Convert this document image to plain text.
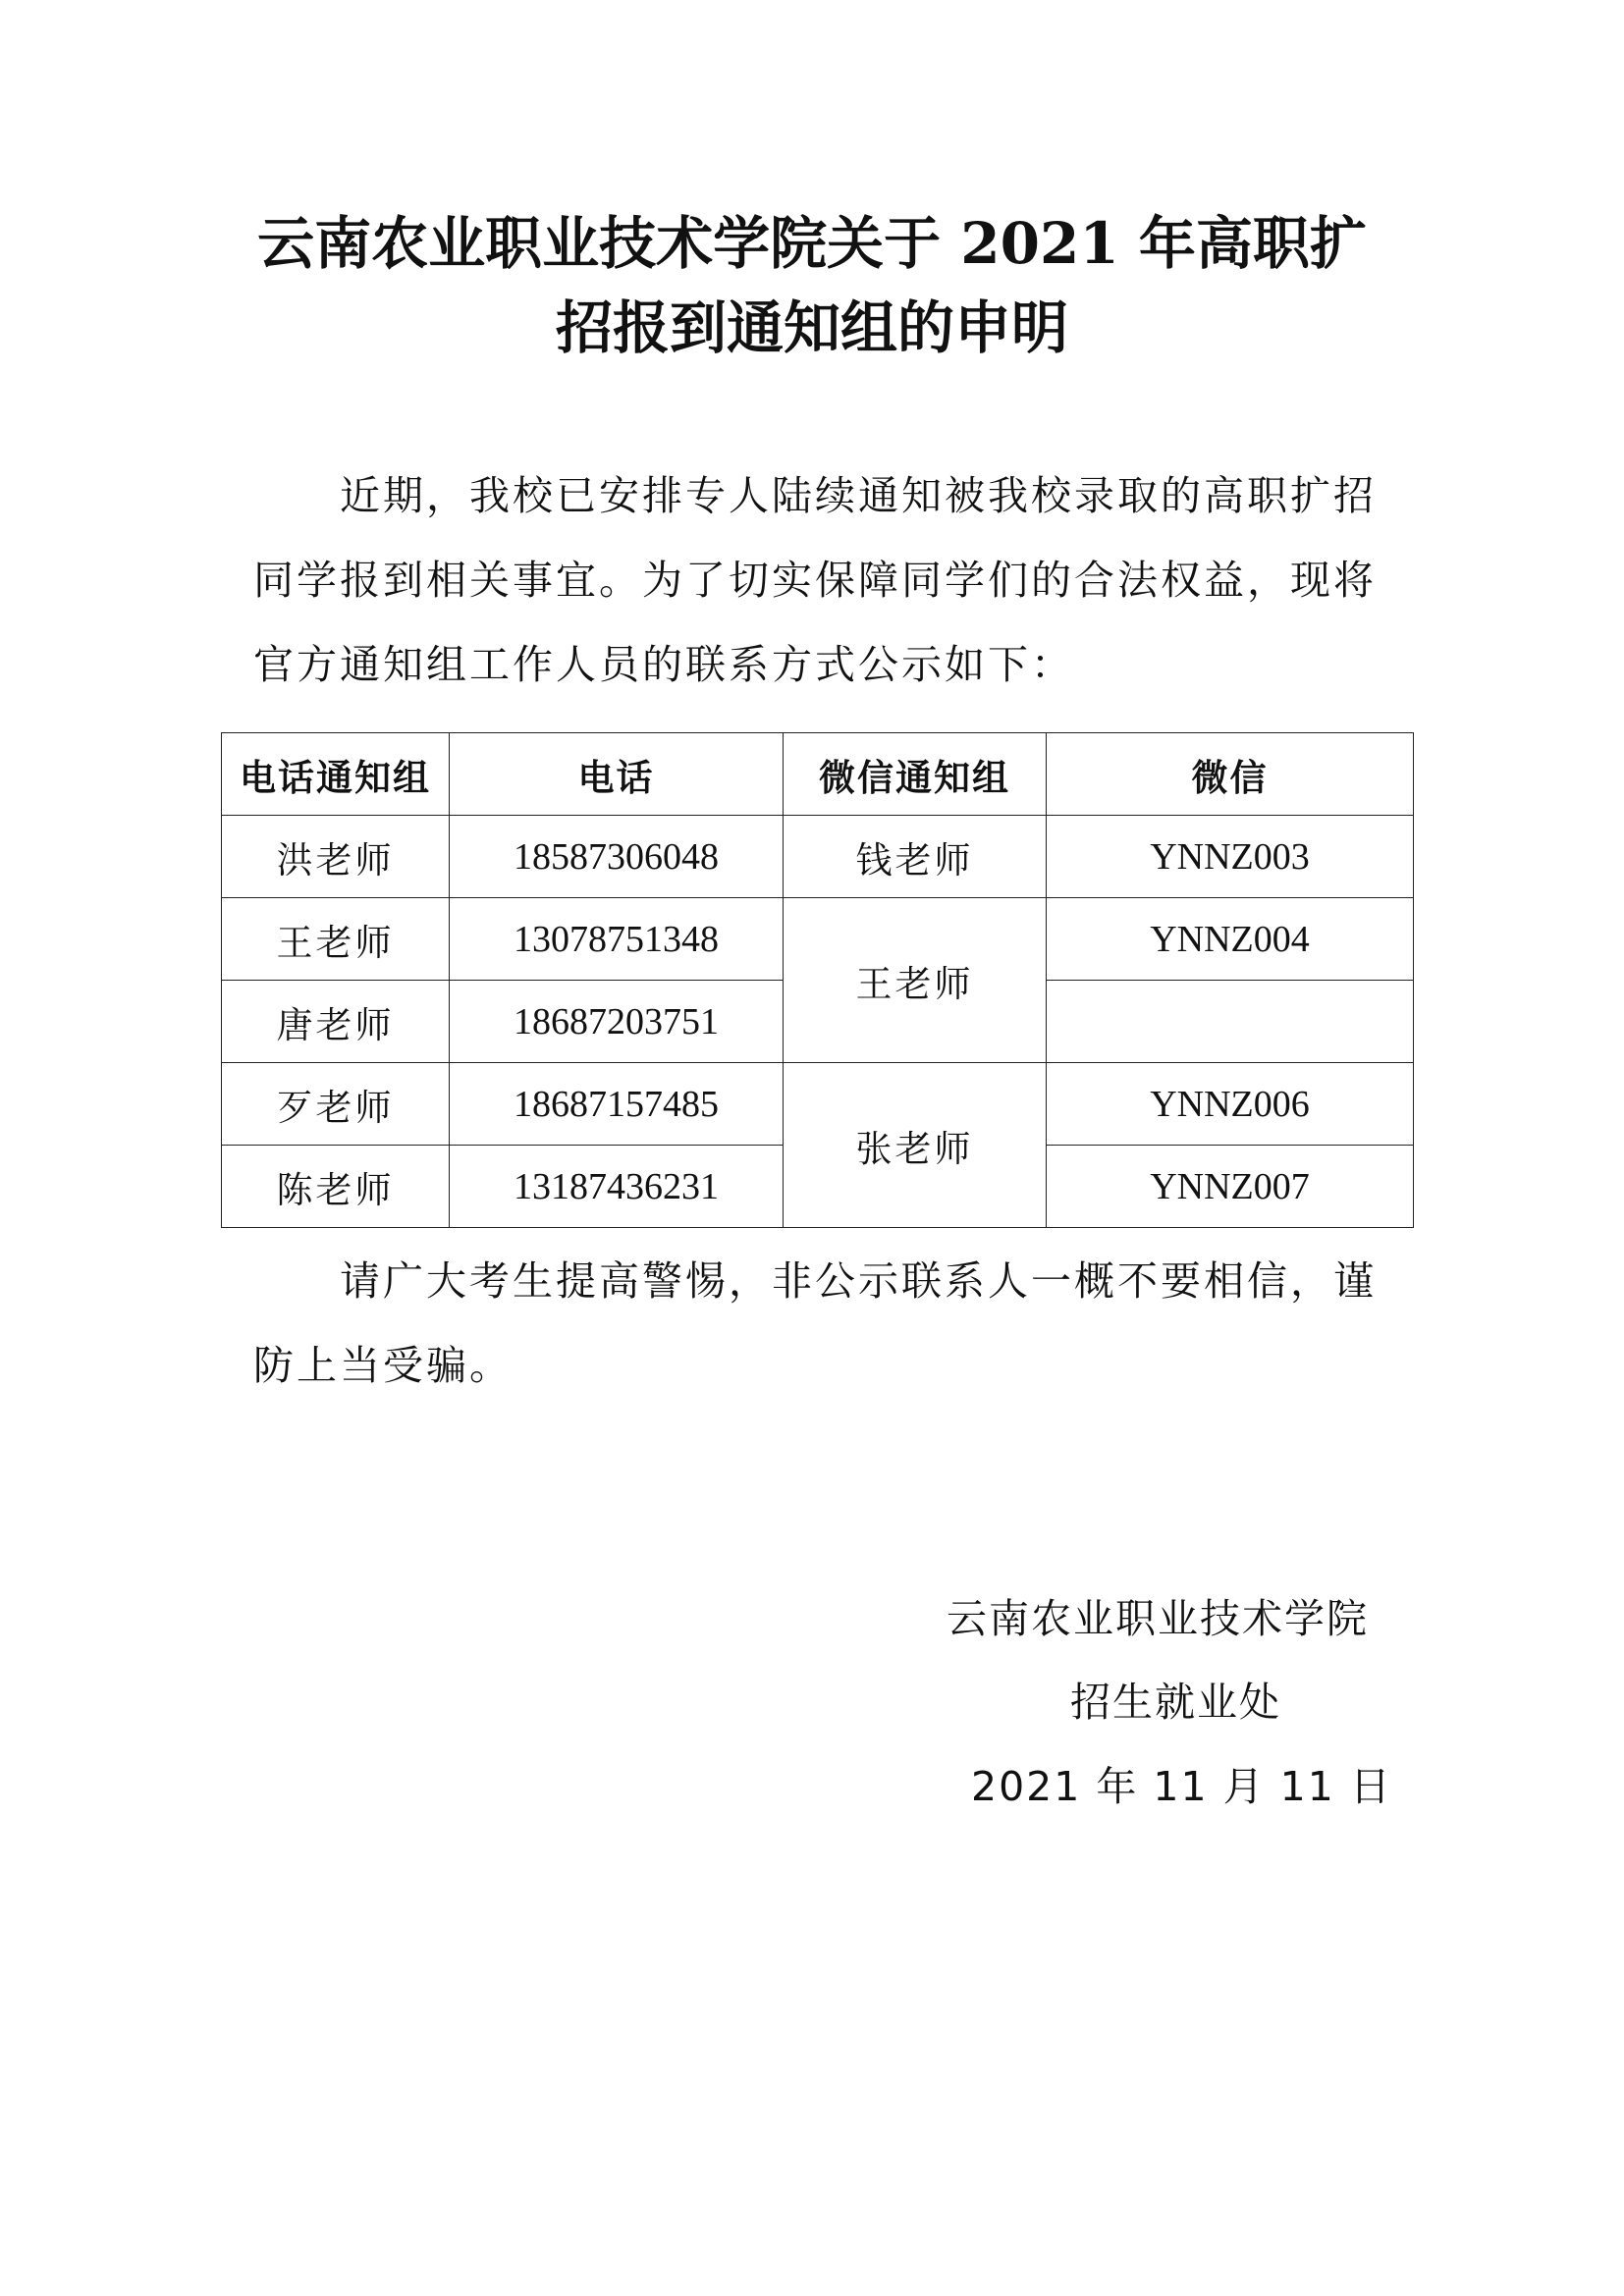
云南农业职业技术学院关于 2021 年高职扩
招报到通知组的申明
近期，我校已安排专人陆续通知被我校录取的高职扩招
同学报到相关事宜。为了切实保障同学们的合法权益，现将
官方通知组工作人员的联系方式公示如下：
电话通知组	电话	微信通知组	微信
洪老师	18587306048	钱老师	YNNZ003
王老师	13078751348	王老师	YNNZ004
唐老师	18687203751		
歹老师	18687157485	张老师	YNNZ006
陈老师	13187436231		YNNZ007
请广大考生提高警惕，非公示联系人一概不要相信，谨
防上当受骗。
云南农业职业技术学院
招生就业处
2021 年 11 月 11 日
